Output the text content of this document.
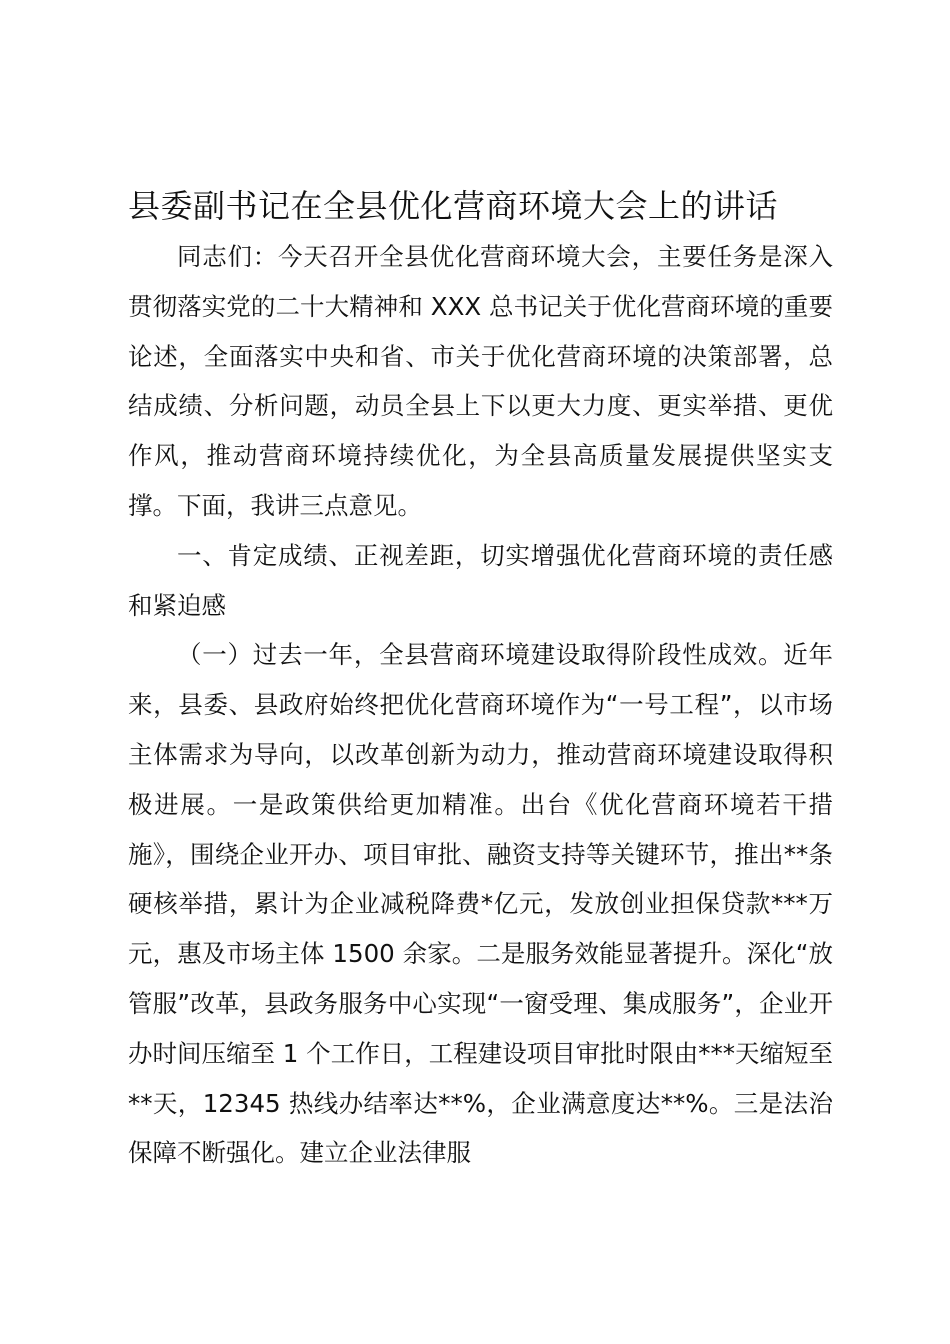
县委副书记在全县优化营商环境大会上的讲话

同志们：今天召开全县优化营商环境大会，主要任务是深入贯彻落实党的二十大精神和 XXX 总书记关于优化营商环境的重要论述，全面落实中央和省、市关于优化营商环境的决策部署，总结成绩、分析问题，动员全县上下以更大力度、更实举措、更优作风，推动营商环境持续优化，为全县高质量发展提供坚实支撑。下面，我讲三点意见。

一、肯定成绩、正视差距，切实增强优化营商环境的责任感和紧迫感

（一）过去一年，全县营商环境建设取得阶段性成效。近年来，县委、县政府始终把优化营商环境作为“一号工程”，以市场主体需求为导向，以改革创新为动力，推动营商环境建设取得积极进展。一是政策供给更加精准。出台《优化营商环境若干措施》，围绕企业开办、项目审批、融资支持等关键环节，推出**条硬核举措，累计为企业减税降费*亿元，发放创业担保贷款***万元，惠及市场主体 1500 余家。二是服务效能显著提升。深化“放管服”改革，县政务服务中心实现“一窗受理、集成服务”，企业开办时间压缩至 1 个工作日，工程建设项目审批时限由***天缩短至**天，12345 热线办结率达**%，企业满意度达**%。三是法治保障不断强化。建立企业法律服
